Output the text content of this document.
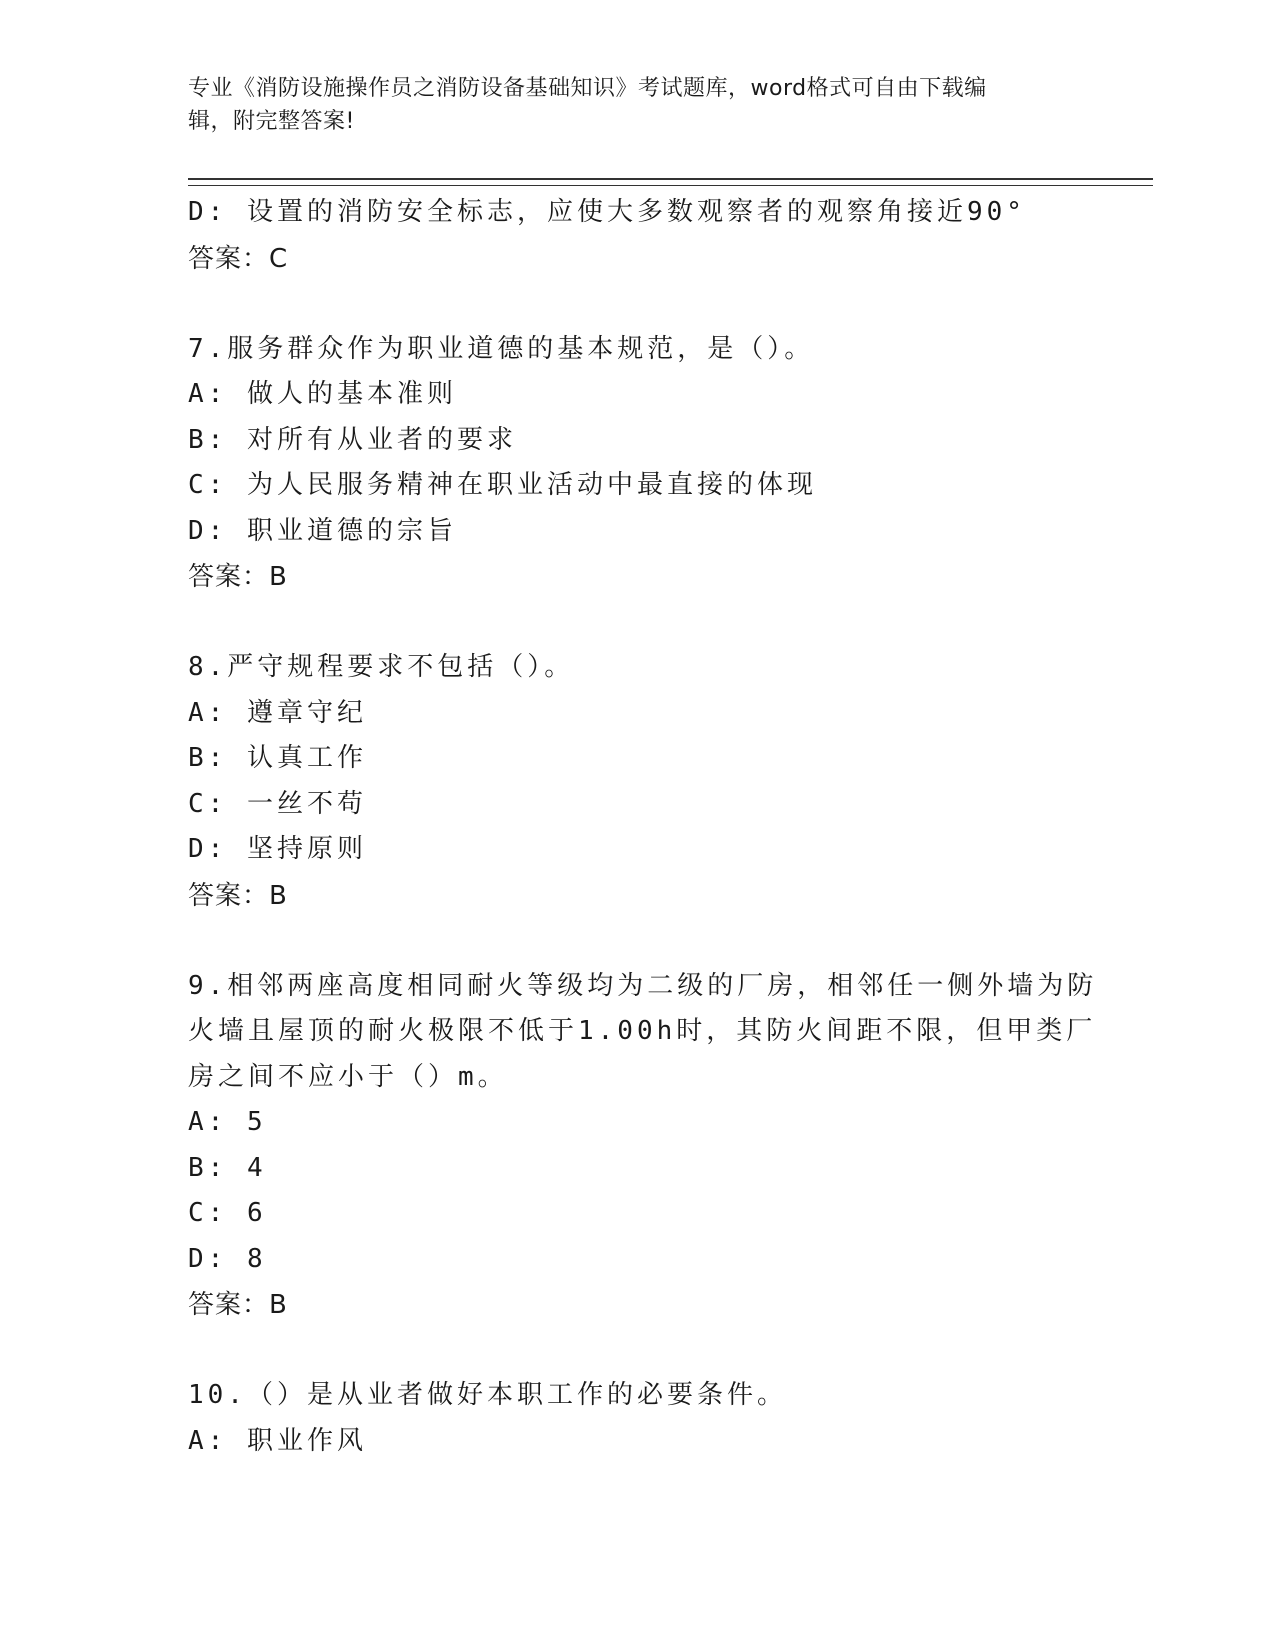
专业《消防设施操作员之消防设备基础知识》考试题库，word格式可自由下载编
辑，附完整答案!
D: 设置的消防安全标志，应使大多数观察者的观察角接近90°
答案：C
7.服务群众作为职业道德的基本规范，是（）。
A: 做人的基本准则
B: 对所有从业者的要求
C: 为人民服务精神在职业活动中最直接的体现
D: 职业道德的宗旨
答案：B
8.严守规程要求不包括（）。
A: 遵章守纪
B: 认真工作
C: 一丝不苟
D: 坚持原则
答案：B
9.相邻两座高度相同耐火等级均为二级的厂房，相邻任一侧外墙为防
火墙且屋顶的耐火极限不低于1.00h时，其防火间距不限，但甲类厂
房之间不应小于（）m。
A: 5
B: 4
C: 6
D: 8
答案：B
10.（）是从业者做好本职工作的必要条件。
A: 职业作风
